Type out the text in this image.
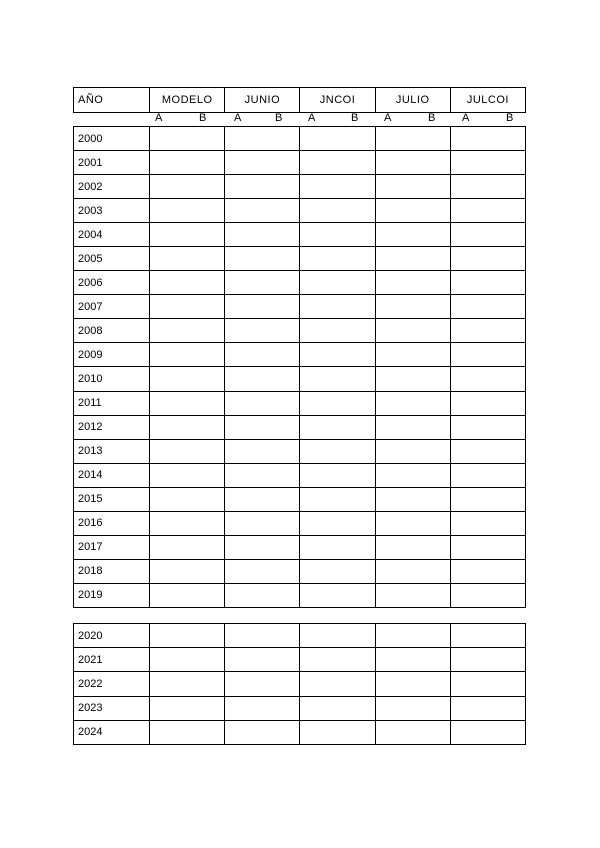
AÑO	MODELO	JUNIO	JNCOI	JULIO	JULCOI
A	B	A	B A	B A	B A	B
2000					
2001					
2002					
2003					
2004					
2005					
2006					
2007					
2008					
2009					
2010					
2011					
2012					
2013					
2014					
2015					
2016					
2017					
2018					
2019					
2020					
2021					
2022					
2023					
2024					
